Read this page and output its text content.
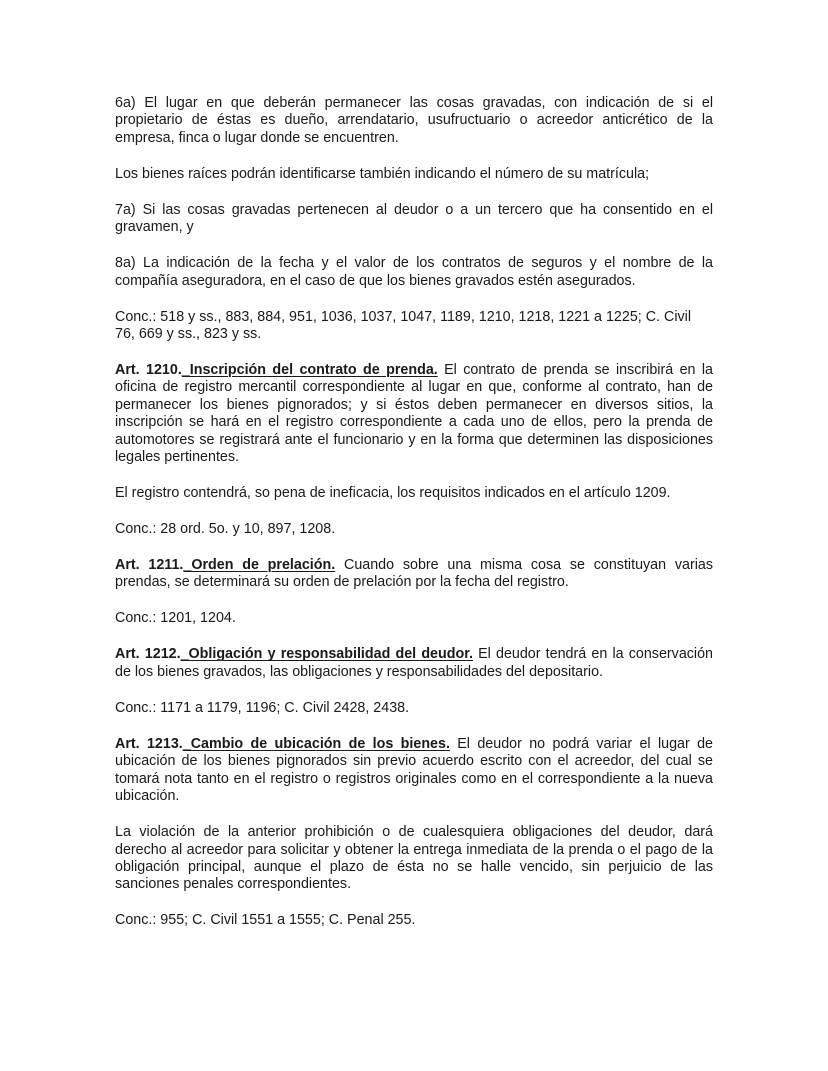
6a) El lugar en que deberán permanecer las cosas gravadas, con indicación de si el propietario de éstas es dueño, arrendatario, usufructuario o acreedor anticrético de la empresa, finca o lugar donde se encuentren.

Los bienes raíces podrán identificarse también indicando el número de su matrícula;

7a) Si las cosas gravadas pertenecen al deudor o a un tercero que ha consentido en el gravamen, y

8a) La indicación de la fecha y el valor de los contratos de seguros y el nombre de la compañía aseguradora, en el caso de que los bienes gravados estén asegurados.

Conc.: 518 y ss., 883, 884, 951, 1036, 1037, 1047, 1189, 1210, 1218, 1221 a 1225; C. Civil 76, 669 y ss., 823 y ss.

Art. 1210._Inscripción del contrato de prenda. El contrato de prenda se inscribirá en la oficina de registro mercantil correspondiente al lugar en que, conforme al contrato, han de permanecer los bienes pignorados; y si éstos deben permanecer en diversos sitios, la inscripción se hará en el registro correspondiente a cada uno de ellos, pero la prenda de automotores se registrará ante el funcionario y en la forma que determinen las disposiciones legales pertinentes.

El registro contendrá, so pena de ineficacia, los requisitos indicados en el artículo 1209.

Conc.: 28 ord. 5o. y 10, 897, 1208.

Art. 1211._Orden de prelación. Cuando sobre una misma cosa se constituyan varias prendas, se determinará su orden de prelación por la fecha del registro.

Conc.: 1201, 1204.

Art. 1212._Obligación y responsabilidad del deudor. El deudor tendrá en la conservación de los bienes gravados, las obligaciones y responsabilidades del depositario.

Conc.: 1171 a 1179, 1196; C. Civil 2428, 2438.

Art. 1213._Cambio de ubicación de los bienes. El deudor no podrá variar el lugar de ubicación de los bienes pignorados sin previo acuerdo escrito con el acreedor, del cual se tomará nota tanto en el registro o registros originales como en el correspondiente a la nueva ubicación.

La violación de la anterior prohibición o de cualesquiera obligaciones del deudor, dará derecho al acreedor para solicitar y obtener la entrega inmediata de la prenda o el pago de la obligación principal, aunque el plazo de ésta no se halle vencido, sin perjuicio de las sanciones penales correspondientes.

Conc.: 955; C. Civil 1551 a 1555; C. Penal 255.
